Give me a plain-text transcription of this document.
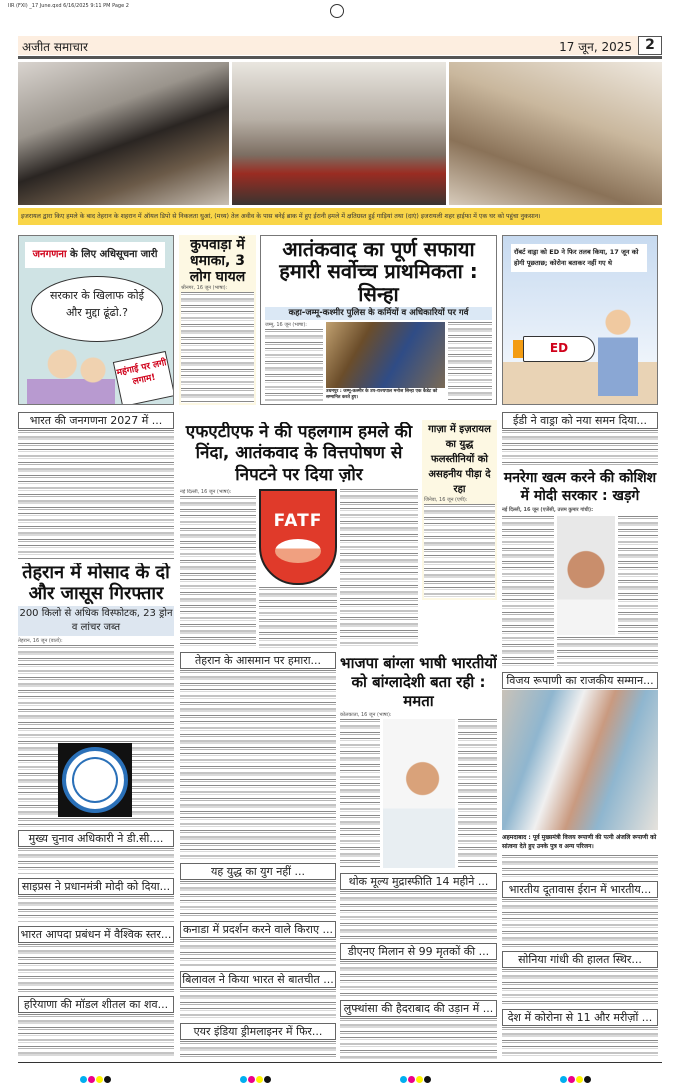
IIR (FXI) _17 June.qxd 6/16/2025 9:11 PM Page 2
अजीत समाचार	17 जून, 2025 2
इजरायल द्वारा किए हमले के बाद तेहरान के शहरान में ऑयल डिपो से निकलता धुआं, (मध्य) तेल अवीव के पास बनेई ब्राक में हुए ईरानी हमले में क्षतिग्रस्त हुई गाड़ियां तथा (दाएं) इजरायली शहर हाईफा में एक घर को पहुंचा नुकसान।
जनगणना के लिए अधिसूचना जारी
सरकार के खिलाफ कोई और मुद्दा ढूंढो.?
महंगाई पर लगी लगाम!
कुपवाड़ा में धमाका, 3 लोग घायल
श्रीनगर, 16 जून (भाषा):
आतंकवाद का पूर्ण सफाया हमारी सर्वोच्च प्राथमिकता : सिन्हा
कहा-जम्मू-कश्मीर पुलिस के कर्मियों व अधिकारियों पर गर्व
जम्मू, 16 जून (भाषा):
उधमपुर : जम्मू-कश्मीर के उप-राज्यपाल मनोज सिन्हा एक कैडेट को सम्मानित करते हुए।
रॉबर्ट वाड्रा को ED ने फिर तलब किया, 17 जून को होगी पूछताछ; कोरोना बताकर नहीं गए थे
ED
भारत की जनगणना 2027 में ...
तेहरान में मोसाद के दो और जासूस गिरफ्तार
200 किलो से अधिक विस्फोटक, 23 ड्रोन व लांचर जब्त
तेहरान, 16 जून (वार्ता):
मुख्य चुनाव अधिकारी ने डी.सी....
साइप्रस ने प्रधानमंत्री मोदी को दिया...
भारत आपदा प्रबंधन में वैश्विक स्तर...
हरियाणा की मॉडल शीतल का शव...
एफएटीएफ ने की पहलगाम हमले की निंदा, आतंकवाद के वित्तपोषण से निपटने पर दिया ज़ोर
नई दिल्ली, 16 जून (भाषा):
FATF
गाज़ा में इज़रायल का युद्ध फलस्तीनियों को असहनीय पीड़ा दे रहा
जिनेवा, 16 जून (एपी):
तेहरान के आसमान पर हमारा...
यह युद्ध का युग नहीं ...
कनाडा में प्रदर्शन करने वाले किराए ...
बिलावल ने किया भारत से बातचीत ...
एयर इंडिया ड्रीमलाइनर में फिर...
भाजपा बांग्ला भाषी भारतीयों को बांग्लादेशी बता रही : ममता
कोलकाता, 16 जून (भाषा):
थोक मूल्य मुद्रास्फीति 14 महीने ...
डीएनए मिलान से 99 मृतकों की ...
लुफ्थांसा की हैदराबाद की उड़ान में ...
ईडी ने वाड्रा को नया समन दिया...
मनरेगा खत्म करने की कोशिश में मोदी सरकार : खड़गे
नई दिल्ली, 16 जून (एजेंसी, उत्तम कुमार गांधी):
विजय रूपाणी का राजकीय सम्मान...
अहमदाबाद : पूर्व मुख्यमंत्री विजय रूपाणी की पत्नी अंजलि रूपाणी को सांत्वना देते हुए उनके पुत्र व अन्य परिजन।
भारतीय दूतावास ईरान में भारतीय...
सोनिया गांधी की हालत स्थिर...
देश में कोरोना से 11 और मरीज़ों ...
